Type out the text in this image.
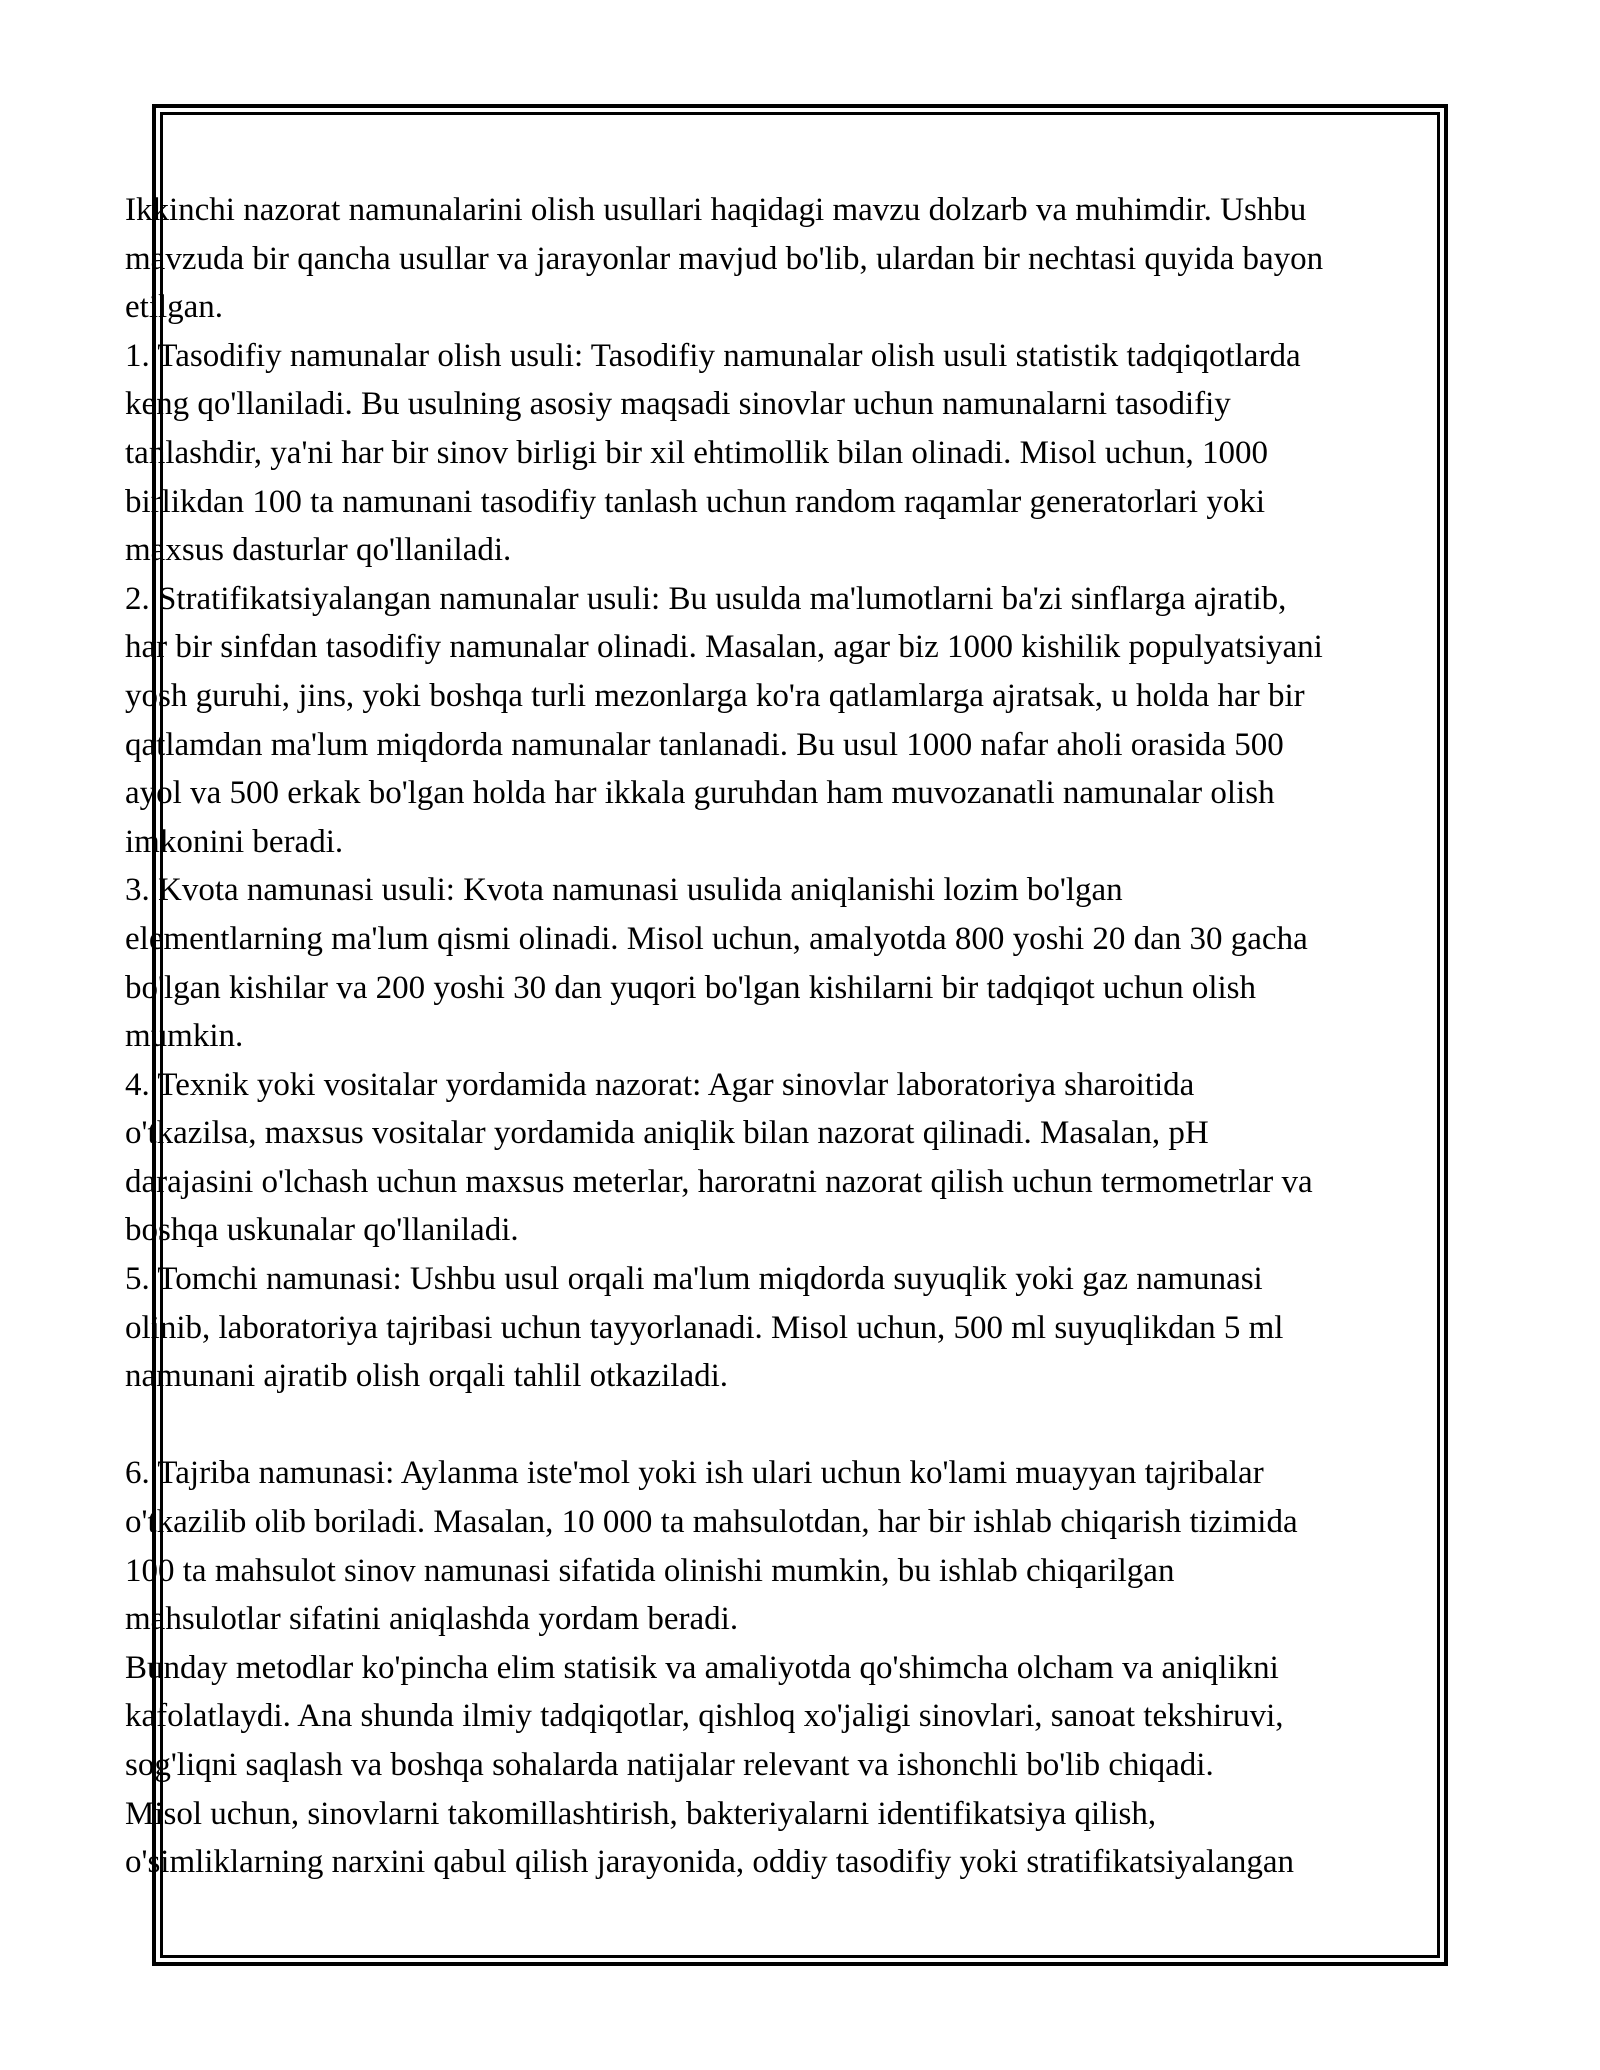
Ikkinchi nazorat namunalarini olish usullari haqidagi mavzu dolzarb va muhimdir. Ushbu
mavzuda bir qancha usullar va jarayonlar mavjud bo'lib, ulardan bir nechtasi quyida bayon
etilgan.
1. Tasodifiy namunalar olish usuli: Tasodifiy namunalar olish usuli statistik tadqiqotlarda
keng qo'llaniladi. Bu usulning asosiy maqsadi sinovlar uchun namunalarni tasodifiy
tanlashdir, ya'ni har bir sinov birligi bir xil ehtimollik bilan olinadi. Misol uchun, 1000
birlikdan 100 ta namunani tasodifiy tanlash uchun random raqamlar generatorlari yoki
maxsus dasturlar qo'llaniladi.
2. Stratifikatsiyalangan namunalar usuli: Bu usulda ma'lumotlarni ba'zi sinflarga ajratib,
har bir sinfdan tasodifiy namunalar olinadi. Masalan, agar biz 1000 kishilik populyatsiyani
yosh guruhi, jins, yoki boshqa turli mezonlarga ko'ra qatlamlarga ajratsak, u holda har bir
qatlamdan ma'lum miqdorda namunalar tanlanadi. Bu usul 1000 nafar aholi orasida 500
ayol va 500 erkak bo'lgan holda har ikkala guruhdan ham muvozanatli namunalar olish
imkonini beradi.
3. Kvota namunasi usuli: Kvota namunasi usulida aniqlanishi lozim bo'lgan
elementlarning ma'lum qismi olinadi. Misol uchun, amalyotda 800 yoshi 20 dan 30 gacha
bo'lgan kishilar va 200 yoshi 30 dan yuqori bo'lgan kishilarni bir tadqiqot uchun olish
mumkin.
4. Texnik yoki vositalar yordamida nazorat: Agar sinovlar laboratoriya sharoitida
o'tkazilsa, maxsus vositalar yordamida aniqlik bilan nazorat qilinadi. Masalan, pH
darajasini o'lchash uchun maxsus meterlar, haroratni nazorat qilish uchun termometrlar va
boshqa uskunalar qo'llaniladi.
5. Tomchi namunasi: Ushbu usul orqali ma'lum miqdorda suyuqlik yoki gaz namunasi
olinib, laboratoriya tajribasi uchun tayyorlanadi. Misol uchun, 500 ml suyuqlikdan 5 ml
namunani ajratib olish orqali tahlil otkaziladi.
6. Tajriba namunasi: Aylanma iste'mol yoki ish ulari uchun ko'lami muayyan tajribalar
o'tkazilib olib boriladi. Masalan, 10 000 ta mahsulotdan, har bir ishlab chiqarish tizimida
100 ta mahsulot sinov namunasi sifatida olinishi mumkin, bu ishlab chiqarilgan
mahsulotlar sifatini aniqlashda yordam beradi.
Bunday metodlar ko'pincha elim statisik va amaliyotda qo'shimcha olcham va aniqlikni
kafolatlaydi. Ana shunda ilmiy tadqiqotlar, qishloq xo'jaligi sinovlari, sanoat tekshiruvi,
sog'liqni saqlash va boshqa sohalarda natijalar relevant va ishonchli bo'lib chiqadi.
Misol uchun, sinovlarni takomillashtirish, bakteriyalarni identifikatsiya qilish,
o'simliklarning narxini qabul qilish jarayonida, oddiy tasodifiy yoki stratifikatsiyalangan
